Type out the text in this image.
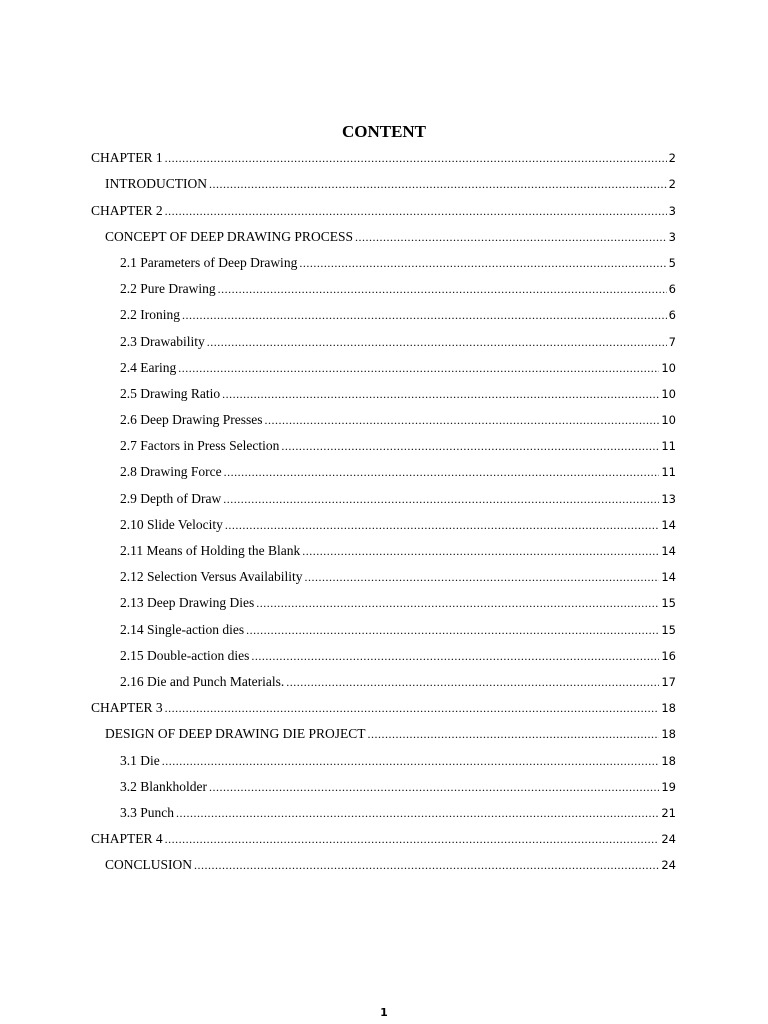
CONTENT
CHAPTER 1 .....	2
INTRODUCTION .....	2
CHAPTER 2 .....	3
CONCEPT OF DEEP DRAWING PROCESS .....	3
2.1 Parameters of Deep Drawing .....	5
2.2 Pure Drawing .....	6
2.2 Ironing .....	6
2.3 Drawability .....	7
2.4 Earing .....	10
2.5 Drawing Ratio .....	10
2.6 Deep Drawing Presses .....	10
2.7 Factors in Press Selection .....	11
2.8 Drawing Force .....	11
2.9 Depth of Draw .....	13
2.10 Slide Velocity .....	14
2.11 Means of Holding the Blank .....	14
2.12 Selection Versus Availability .....	14
2.13 Deep Drawing Dies .....	15
2.14 Single-action dies .....	15
2.15 Double-action dies .....	16
2.16 Die and Punch Materials. .....	17
CHAPTER 3 .....	18
DESIGN OF DEEP DRAWING DIE PROJECT .....	18
3.1 Die .....	18
3.2 Blankholder .....	19
3.3 Punch .....	21
CHAPTER 4 .....	24
CONCLUSION .....	24
1
